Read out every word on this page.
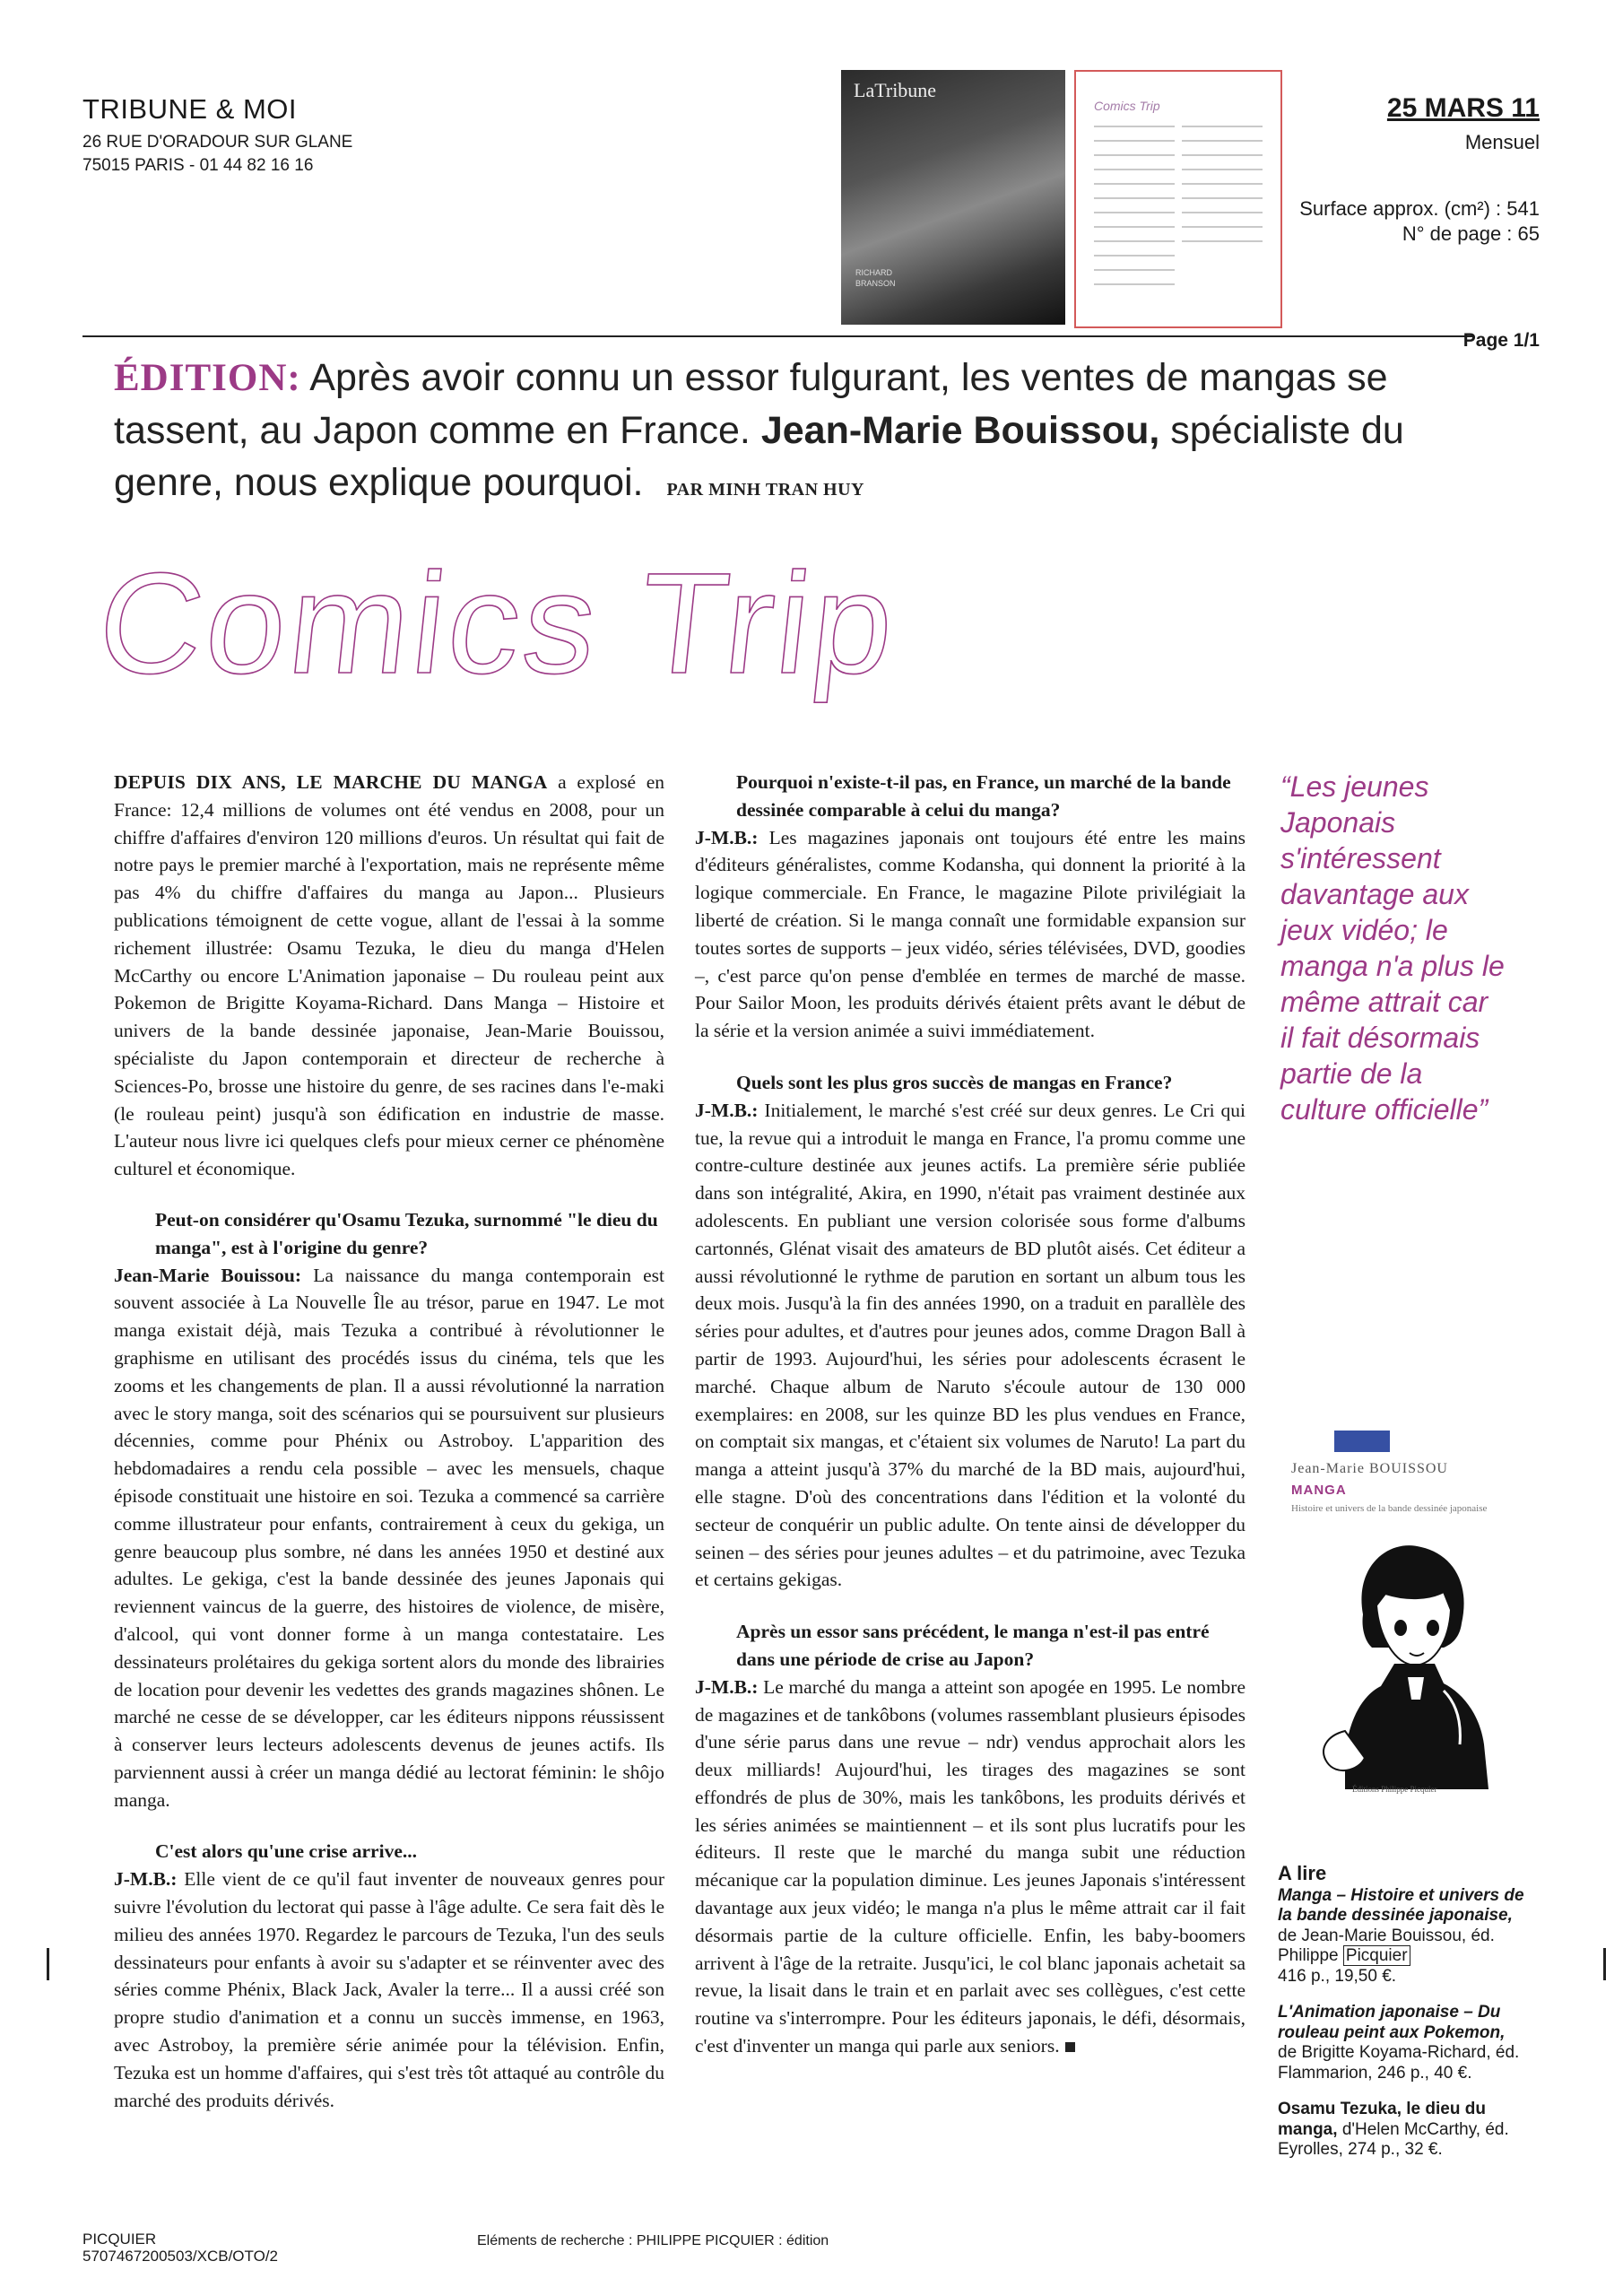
TRIBUNE & MOI
26 RUE D'ORADOUR SUR GLANE
75015 PARIS - 01 44 82 16 16
LaTribune
RICHARD
BRANSON
Comics Trip	25 MARS 11
Mensuel
Surface approx. (cm²) : 541
N° de page : 65
Page 1/1
ÉDITION: Après avoir connu un essor fulgurant, les ventes de mangas se tassent, au Japon comme en France. Jean-Marie Bouissou, spécialiste du genre, nous explique pourquoi. PAR MINH TRAN HUY
Comics Trip

DEPUIS DIX ANS, LE MARCHE DU MANGA a explosé en France: 12,4 millions de volumes ont été vendus en 2008, pour un chiffre d'affaires d'environ 120 millions d'euros. Un résultat qui fait de notre pays le premier marché à l'exportation, mais ne représente même pas 4% du chiffre d'affaires du manga au Japon... Plusieurs publications témoignent de cette vogue, allant de l'essai à la somme richement illustrée: Osamu Tezuka, le dieu du manga d'Helen McCarthy ou encore L'Animation japonaise – Du rouleau peint aux Pokemon de Brigitte Koyama-Richard. Dans Manga – Histoire et univers de la bande dessinée japonaise, Jean-Marie Bouissou, spécialiste du Japon contemporain et directeur de recherche à Sciences-Po, brosse une histoire du genre, de ses racines dans l'e-maki (le rouleau peint) jusqu'à son édification en industrie de masse. L'auteur nous livre ici quelques clefs pour mieux cerner ce phénomène culturel et économique.

Peut-on considérer qu'Osamu Tezuka, surnommé "le dieu du manga", est à l'origine du genre?

Jean-Marie Bouissou: La naissance du manga contemporain est souvent associée à La Nouvelle Île au trésor, parue en 1947. Le mot manga existait déjà, mais Tezuka a contribué à révolutionner le graphisme en utilisant des procédés issus du cinéma, tels que les zooms et les changements de plan. Il a aussi révolutionné la narration avec le story manga, soit des scénarios qui se poursuivent sur plusieurs décennies, comme pour Phénix ou Astroboy. L'apparition des hebdomadaires a rendu cela possible – avec les mensuels, chaque épisode constituait une histoire en soi. Tezuka a commencé sa carrière comme illustrateur pour enfants, contrairement à ceux du gekiga, un genre beaucoup plus sombre, né dans les années 1950 et destiné aux adultes. Le gekiga, c'est la bande dessinée des jeunes Japonais qui reviennent vaincus de la guerre, des histoires de violence, de misère, d'alcool, qui vont donner forme à un manga contestataire. Les dessinateurs prolétaires du gekiga sortent alors du monde des librairies de location pour devenir les vedettes des grands magazines shônen. Le marché ne cesse de se développer, car les éditeurs nippons réussissent à conserver leurs lecteurs adolescents devenus de jeunes actifs. Ils parviennent aussi à créer un manga dédié au lectorat féminin: le shôjo manga.

C'est alors qu'une crise arrive...

J-M.B.: Elle vient de ce qu'il faut inventer de nouveaux genres pour suivre l'évolution du lectorat qui passe à l'âge adulte. Ce sera fait dès le milieu des années 1970. Regardez le parcours de Tezuka, l'un des seuls dessinateurs pour enfants à avoir su s'adapter et se réinventer avec des séries comme Phénix, Black Jack, Avaler la terre... Il a aussi créé son propre studio d'animation et a connu un succès immense, en 1963, avec Astroboy, la première série animée pour la télévision. Enfin, Tezuka est un homme d'affaires, qui s'est très tôt attaqué au contrôle du marché des produits dérivés.

Pourquoi n'existe-t-il pas, en France, un marché de la bande dessinée comparable à celui du manga?

J-M.B.: Les magazines japonais ont toujours été entre les mains d'éditeurs généralistes, comme Kodansha, qui donnent la priorité à la logique commerciale. En France, le magazine Pilote privilégiait la liberté de création. Si le manga connaît une formidable expansion sur toutes sortes de supports – jeux vidéo, séries télévisées, DVD, goodies –, c'est parce qu'on pense d'emblée en termes de marché de masse. Pour Sailor Moon, les produits dérivés étaient prêts avant le début de la série et la version animée a suivi immédiatement.

Quels sont les plus gros succès de mangas en France?

J-M.B.: Initialement, le marché s'est créé sur deux genres. Le Cri qui tue, la revue qui a introduit le manga en France, l'a promu comme une contre-culture destinée aux jeunes actifs. La première série publiée dans son intégralité, Akira, en 1990, n'était pas vraiment destinée aux adolescents. En publiant une version colorisée sous forme d'albums cartonnés, Glénat visait des amateurs de BD plutôt aisés. Cet éditeur a aussi révolutionné le rythme de parution en sortant un album tous les deux mois. Jusqu'à la fin des années 1990, on a traduit en parallèle des séries pour adultes, et d'autres pour jeunes ados, comme Dragon Ball à partir de 1993. Aujourd'hui, les séries pour adolescents écrasent le marché. Chaque album de Naruto s'écoule autour de 130 000 exemplaires: en 2008, sur les quinze BD les plus vendues en France, on comptait six mangas, et c'étaient six volumes de Naruto! La part du manga a atteint jusqu'à 37% du marché de la BD mais, aujourd'hui, elle stagne. D'où des concentrations dans l'édition et la volonté du secteur de conquérir un public adulte. On tente ainsi de développer du seinen – des séries pour jeunes adultes – et du patrimoine, avec Tezuka et certains gekigas.

Après un essor sans précédent, le manga n'est-il pas entré dans une période de crise au Japon?

J-M.B.: Le marché du manga a atteint son apogée en 1995. Le nombre de magazines et de tankôbons (volumes rassemblant plusieurs épisodes d'une série parus dans une revue – ndr) vendus approchait alors les deux milliards! Aujourd'hui, les tirages des magazines se sont effondrés de plus de 30%, mais les tankôbons, les produits dérivés et les séries animées se maintiennent – et ils sont plus lucratifs pour les éditeurs. Il reste que le marché du manga subit une réduction mécanique car la population diminue. Les jeunes Japonais s'intéressent davantage aux jeux vidéo; le manga n'a plus le même attrait car il fait désormais partie de la culture officielle. Enfin, les baby-boomers arrivent à l'âge de la retraite. Jusqu'ici, le col blanc japonais achetait sa revue, la lisait dans le train et en parlait avec ses collègues, c'est cette routine va s'interrompre. Pour les éditeurs japonais, le défi, désormais, c'est d'inventer un manga qui parle aux seniors.

“Les jeunes Japonais s'intéressent davantage aux jeux vidéo; le manga n'a plus le même attrait car il fait désormais partie de la culture officielle”
Jean-Marie BOUISSOU
MANGA
Histoire et univers de la bande dessinée japonaise
Éditions Philippe Picquier
A lire
Manga – Histoire et univers de la bande dessinée japonaise, de Jean-Marie Bouissou, éd. Philippe Picquier
416 p., 19,50 €.
L'Animation japonaise – Du rouleau peint aux Pokemon, de Brigitte Koyama-Richard, éd. Flammarion, 246 p., 40 €.
Osamu Tezuka, le dieu du manga, d'Helen McCarthy, éd. Eyrolles, 274 p., 32 €.
PICQUIER
5707467200503/XCB/OTO/2
Eléments de recherche : PHILIPPE PICQUIER : édition
